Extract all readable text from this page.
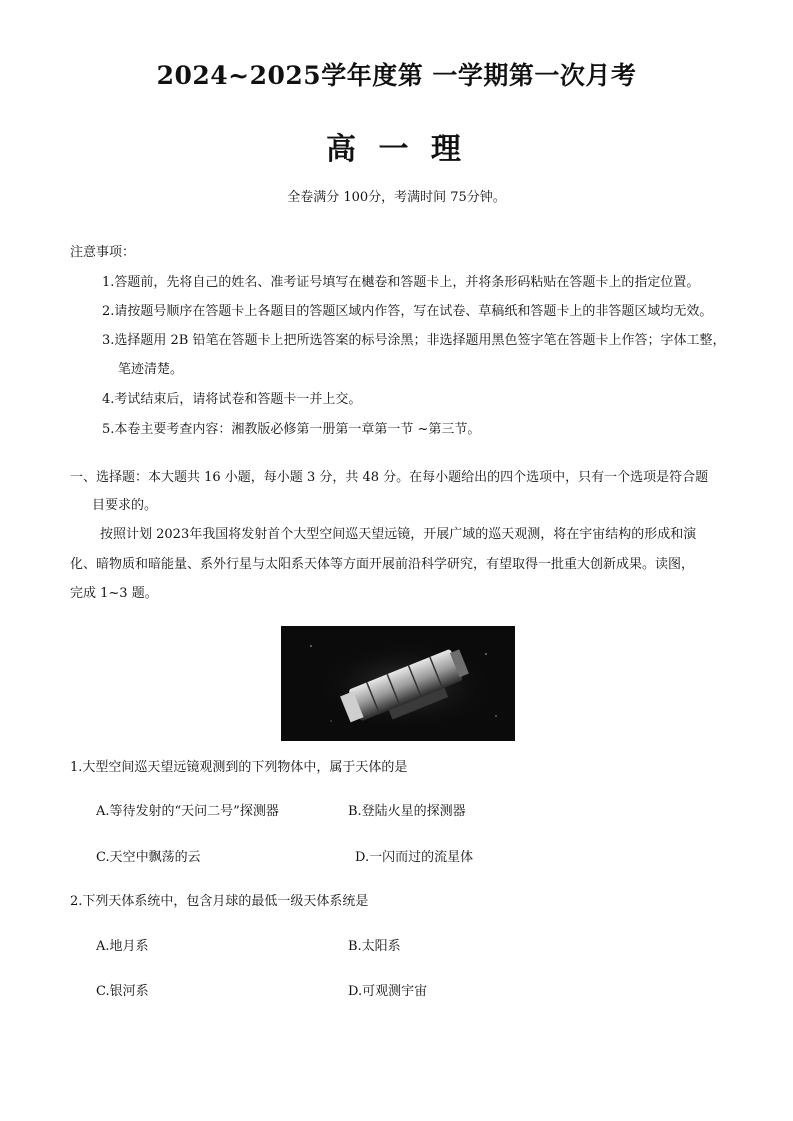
2024~2025学年度第 一学期第一次月考
高 一 理
全卷满分 100分，考满时间 75分钟。
注意事项：
1.答题前，先将自己的姓名、准考证号填写在樾卷和答题卡上，并将条形码粘贴在答题卡上的指定位置。
2.请按题号顺序在答题卡上各题目的答题区域内作答，写在试卷、草稿纸和答题卡上的非答题区域均无效。
3.选择题用 2B 铅笔在答题卡上把所选答案的标号涂黑；非选择题用黑色签字笔在答题卡上作答；字体工整，
笔迹清楚。
4.考试结束后，请将试卷和答题卡一并上交。
5.本卷主要考查内容：湘教版必修第一册第一章第一节 ~第三节。
一、选择题：本大题共 16 小题，每小题 3 分，共 48 分。在每小题给出的四个选项中，只有一个选项是符合题
目要求的。
按照计划 2023年我国将发射首个大型空间巡天望远镜，开展广域的巡天观测，将在宇宙结构的形成和演
化、暗物质和暗能量、系外行星与太阳系天体等方面开展前沿科学研究，有望取得一批重大创新成果。读图，
完成 1~3 题。
1.大型空间巡天望远镜观测到的下列物体中，属于天体的是
A.等待发射的“天问二号”探测器	B.登陆火星的探测器
C.天空中飘荡的云	D.一闪而过的流星体
2.下列天体系统中，包含月球的最低一级天体系统是
A.地月系	B.太阳系
C.银河系	D.可观测宇宙
